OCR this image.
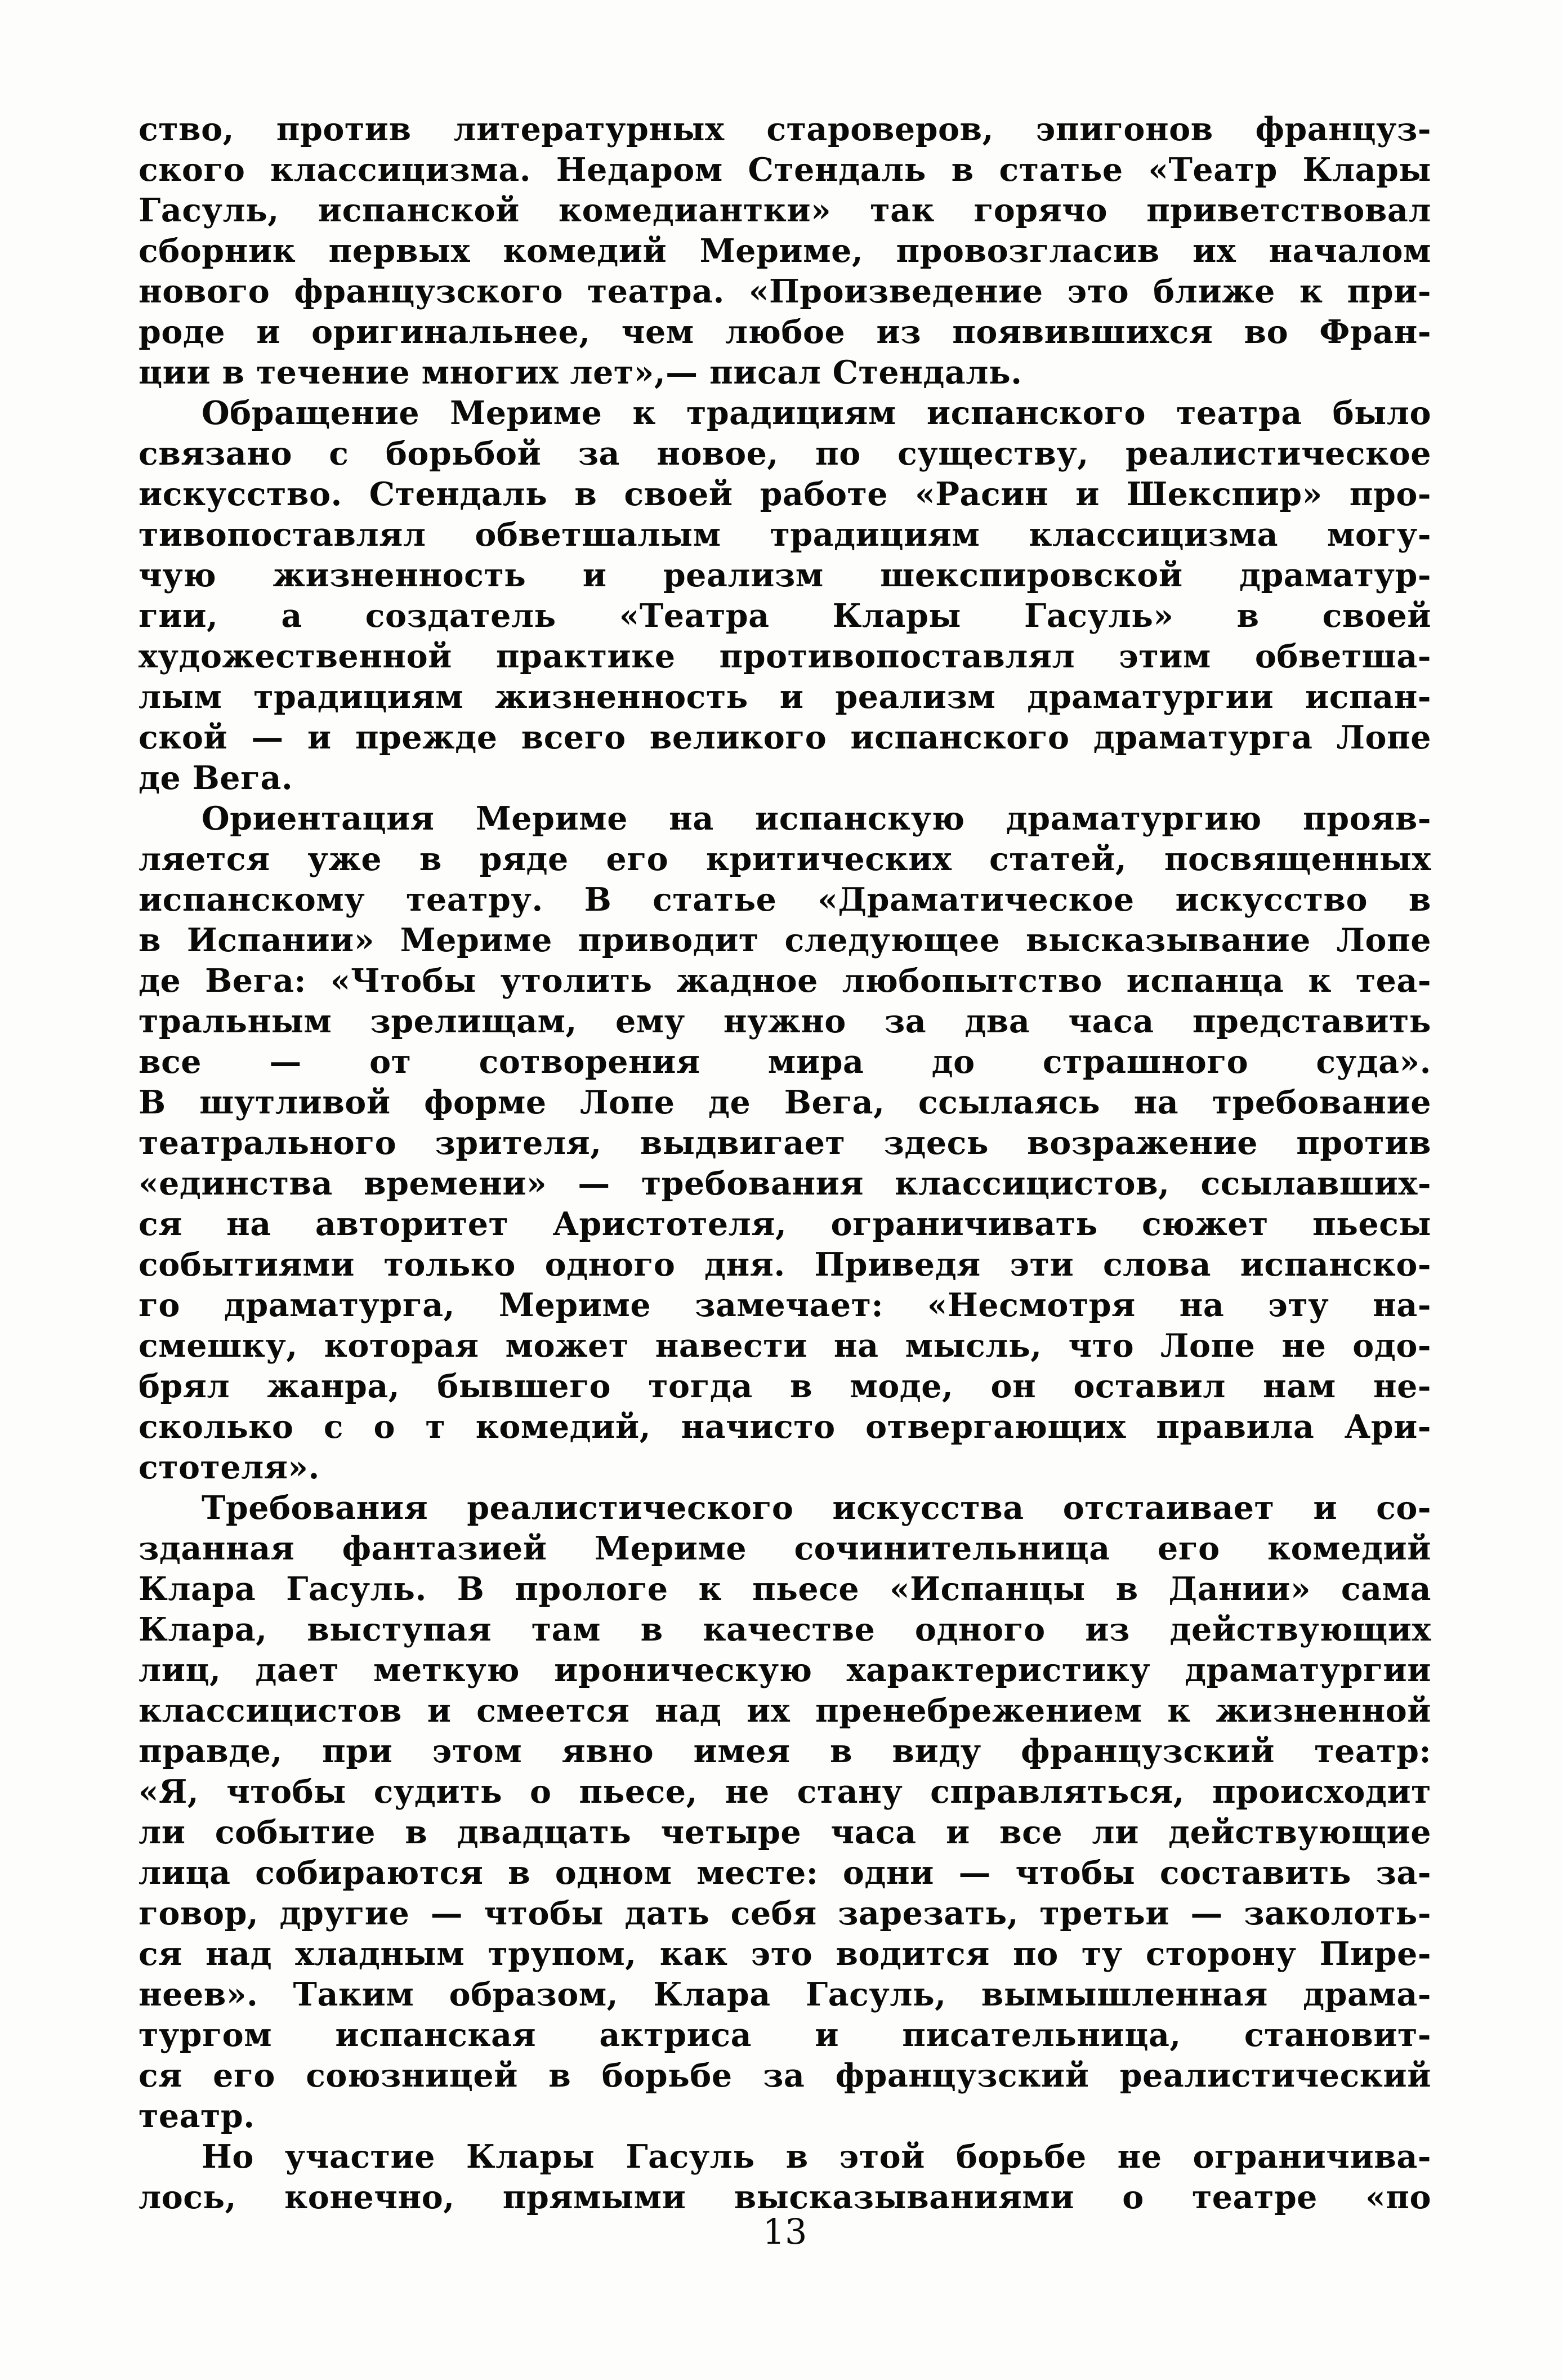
ство, против литературных староверов, эпигонов француз-
ского классицизма. Недаром Стендаль в статье «Театр Клары
Гасуль, испанской комедиантки» так горячо приветствовал
сборник первых комедий Мериме, провозгласив их началом
нового французского театра. «Произведение это ближе к при-
роде и оригинальнее, чем любое из появившихся во Фран-
ции в течение многих лет»,— писал Стендаль.
Обращение Мериме к традициям испанского театра было
связано с борьбой за новое, по существу, реалистическое
искусство. Стендаль в своей работе «Расин и Шекспир» про-
тивопоставлял обветшалым традициям классицизма могу-
чую жизненность и реализм шекспировской драматур-
гии, а создатель «Театра Клары Гасуль» в своей
художественной практике противопоставлял этим обветша-
лым традициям жизненность и реализм драматургии испан-
ской — и прежде всего великого испанского драматурга Лопе
де Вега.
Ориентация Мериме на испанскую драматургию прояв-
ляется уже в ряде его критических статей, посвященных
испанскому театру. В статье «Драматическое искусство в
в Испании» Мериме приводит следующее высказывание Лопе
де Вега: «Чтобы утолить жадное любопытство испанца к теа-
тральным зрелищам, ему нужно за два часа представить
все — от сотворения мира до страшного суда».
В шутливой форме Лопе де Вега, ссылаясь на требование
театрального зрителя, выдвигает здесь возражение против
«единства времени» — требования классицистов, ссылавших-
ся на авторитет Аристотеля, ограничивать сюжет пьесы
событиями только одного дня. Приведя эти слова испанско-
го драматурга, Мериме замечает: «Несмотря на эту на-
смешку, которая может навести на мысль, что Лопе не одо-
брял жанра, бывшего тогда в моде, он оставил нам не-
сколько с о т комедий, начисто отвергающих правила Ари-
стотеля».
Требования реалистического искусства отстаивает и со-
зданная фантазией Мериме сочинительница его комедий
Клара Гасуль. В прологе к пьесе «Испанцы в Дании» сама
Клара, выступая там в качестве одного из действующих
лиц, дает меткую ироническую характеристику драматургии
классицистов и смеется над их пренебрежением к жизненной
правде, при этом явно имея в виду французский театр:
«Я, чтобы судить о пьесе, не стану справляться, происходит
ли событие в двадцать четыре часа и все ли действующие
лица собираются в одном месте: одни — чтобы составить за-
говор, другие — чтобы дать себя зарезать, третьи — заколоть-
ся над хладным трупом, как это водится по ту сторону Пире-
неев». Таким образом, Клара Гасуль, вымышленная драма-
тургом испанская актриса и писательница, становит-
ся его союзницей в борьбе за французский реалистический
театр.
Но участие Клары Гасуль в этой борьбе не ограничива-
лось, конечно, прямыми высказываниями о театре «по
13
